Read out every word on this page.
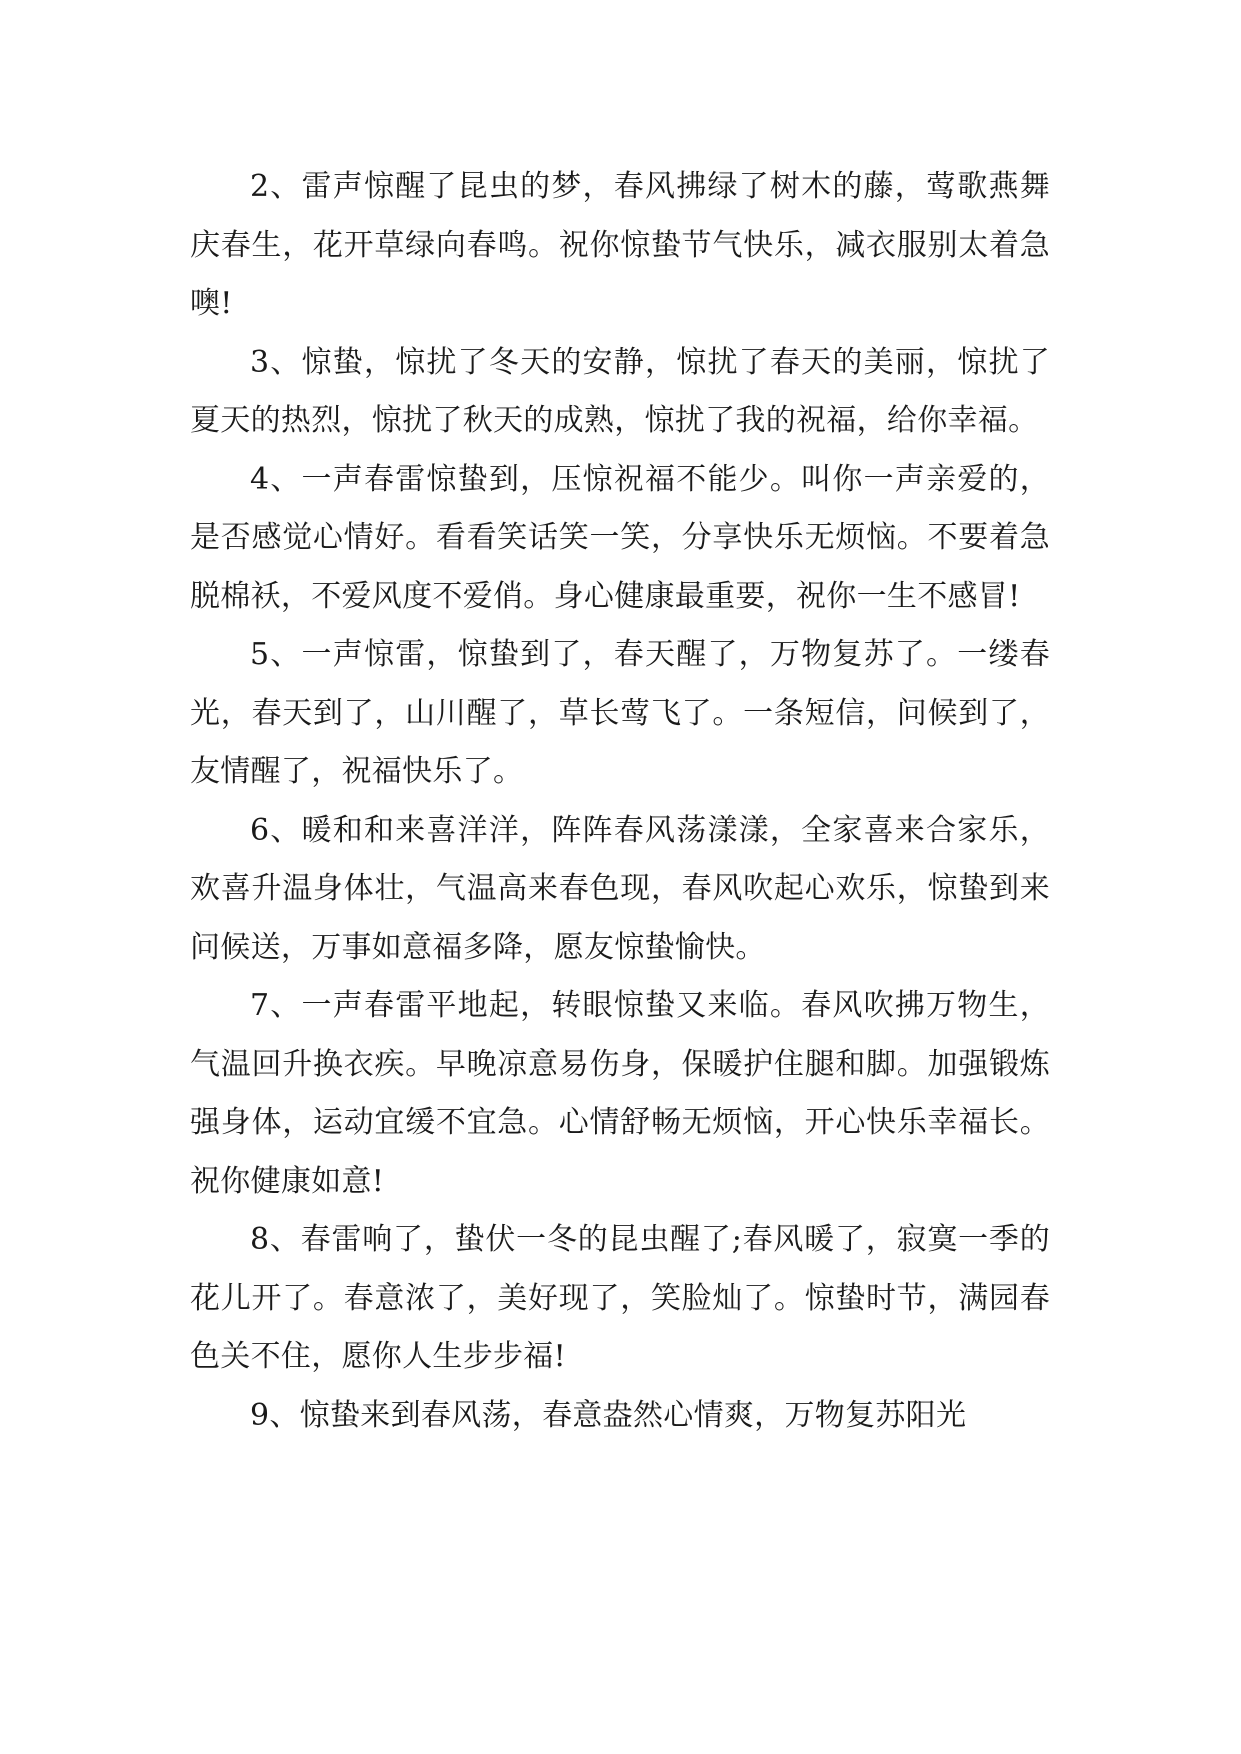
2、雷声惊醒了昆虫的梦，春风拂绿了树木的藤，莺歌燕舞庆春生，花开草绿向春鸣。祝你惊蛰节气快乐，减衣服别太着急噢!

3、惊蛰，惊扰了冬天的安静，惊扰了春天的美丽，惊扰了夏天的热烈，惊扰了秋天的成熟，惊扰了我的祝福，给你幸福。

4、一声春雷惊蛰到，压惊祝福不能少。叫你一声亲爱的，是否感觉心情好。看看笑话笑一笑，分享快乐无烦恼。不要着急脱棉袄，不爱风度不爱俏。身心健康最重要，祝你一生不感冒!

5、一声惊雷，惊蛰到了，春天醒了，万物复苏了。一缕春光，春天到了，山川醒了，草长莺飞了。一条短信，问候到了，友情醒了，祝福快乐了。

6、暖和和来喜洋洋，阵阵春风荡漾漾，全家喜来合家乐，欢喜升温身体壮，气温高来春色现，春风吹起心欢乐，惊蛰到来问候送，万事如意福多降，愿友惊蛰愉快。

7、一声春雷平地起，转眼惊蛰又来临。春风吹拂万物生，气温回升换衣疾。早晚凉意易伤身，保暖护住腿和脚。加强锻炼强身体，运动宜缓不宜急。心情舒畅无烦恼，开心快乐幸福长。祝你健康如意!

8、春雷响了，蛰伏一冬的昆虫醒了;春风暖了，寂寞一季的花儿开了。春意浓了，美好现了，笑脸灿了。惊蛰时节，满园春色关不住，愿你人生步步福!

9、惊蛰来到春风荡，春意盎然心情爽，万物复苏阳光
